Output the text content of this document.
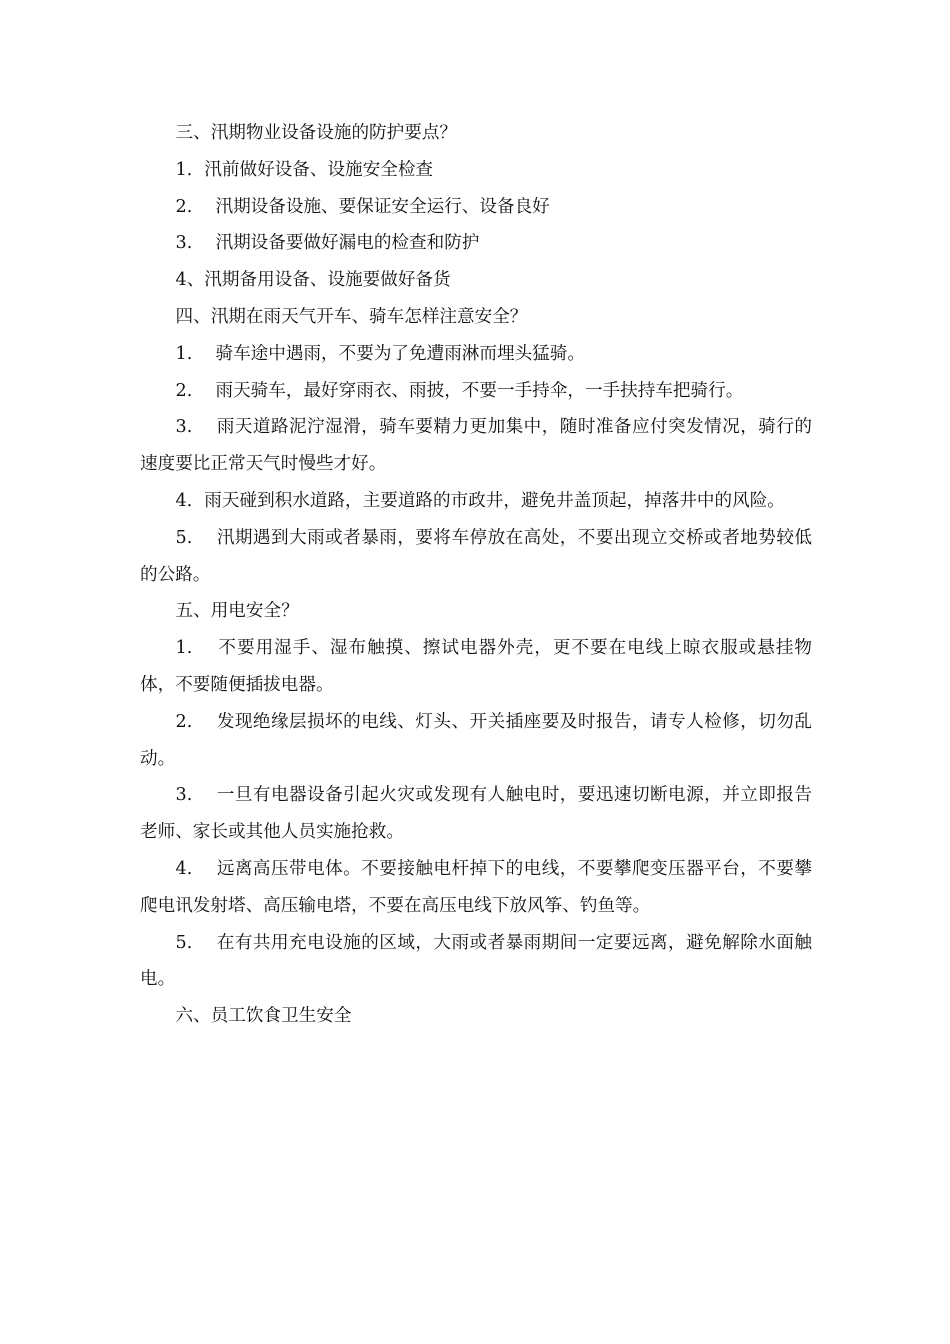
三、汛期物业设备设施的防护要点？

1．汛前做好设备、设施安全检查

2.　 汛期设备设施、要保证安全运行、设备良好

3.　 汛期设备要做好漏电的检查和防护

4、汛期备用设备、设施要做好备货

四、汛期在雨天气开车、骑车怎样注意安全？

1.　 骑车途中遇雨，不要为了免遭雨淋而埋头猛骑。

2.　 雨天骑车，最好穿雨衣、雨披，不要一手持伞，一手扶持车把骑行。

3.　 雨天道路泥泞湿滑，骑车要精力更加集中，随时准备应付突发情况，骑行的速度要比正常天气时慢些才好。

4．雨天碰到积水道路，主要道路的市政井，避免井盖顶起，掉落井中的风险。

5.　 汛期遇到大雨或者暴雨，要将车停放在高处，不要出现立交桥或者地势较低的公路。

五、用电安全？

1.　 不要用湿手、湿布触摸、擦试电器外壳，更不要在电线上晾衣服或悬挂物体，不要随便插拔电器。

2.　 发现绝缘层损坏的电线、灯头、开关插座要及时报告，请专人检修，切勿乱动。

3.　 一旦有电器设备引起火灾或发现有人触电时，要迅速切断电源，并立即报告老师、家长或其他人员实施抢救。

4.　 远离高压带电体。不要接触电杆掉下的电线，不要攀爬变压器平台，不要攀爬电讯发射塔、高压输电塔，不要在高压电线下放风筝、钓鱼等。

5.　 在有共用充电设施的区域，大雨或者暴雨期间一定要远离，避免解除水面触电。

六、员工饮食卫生安全
